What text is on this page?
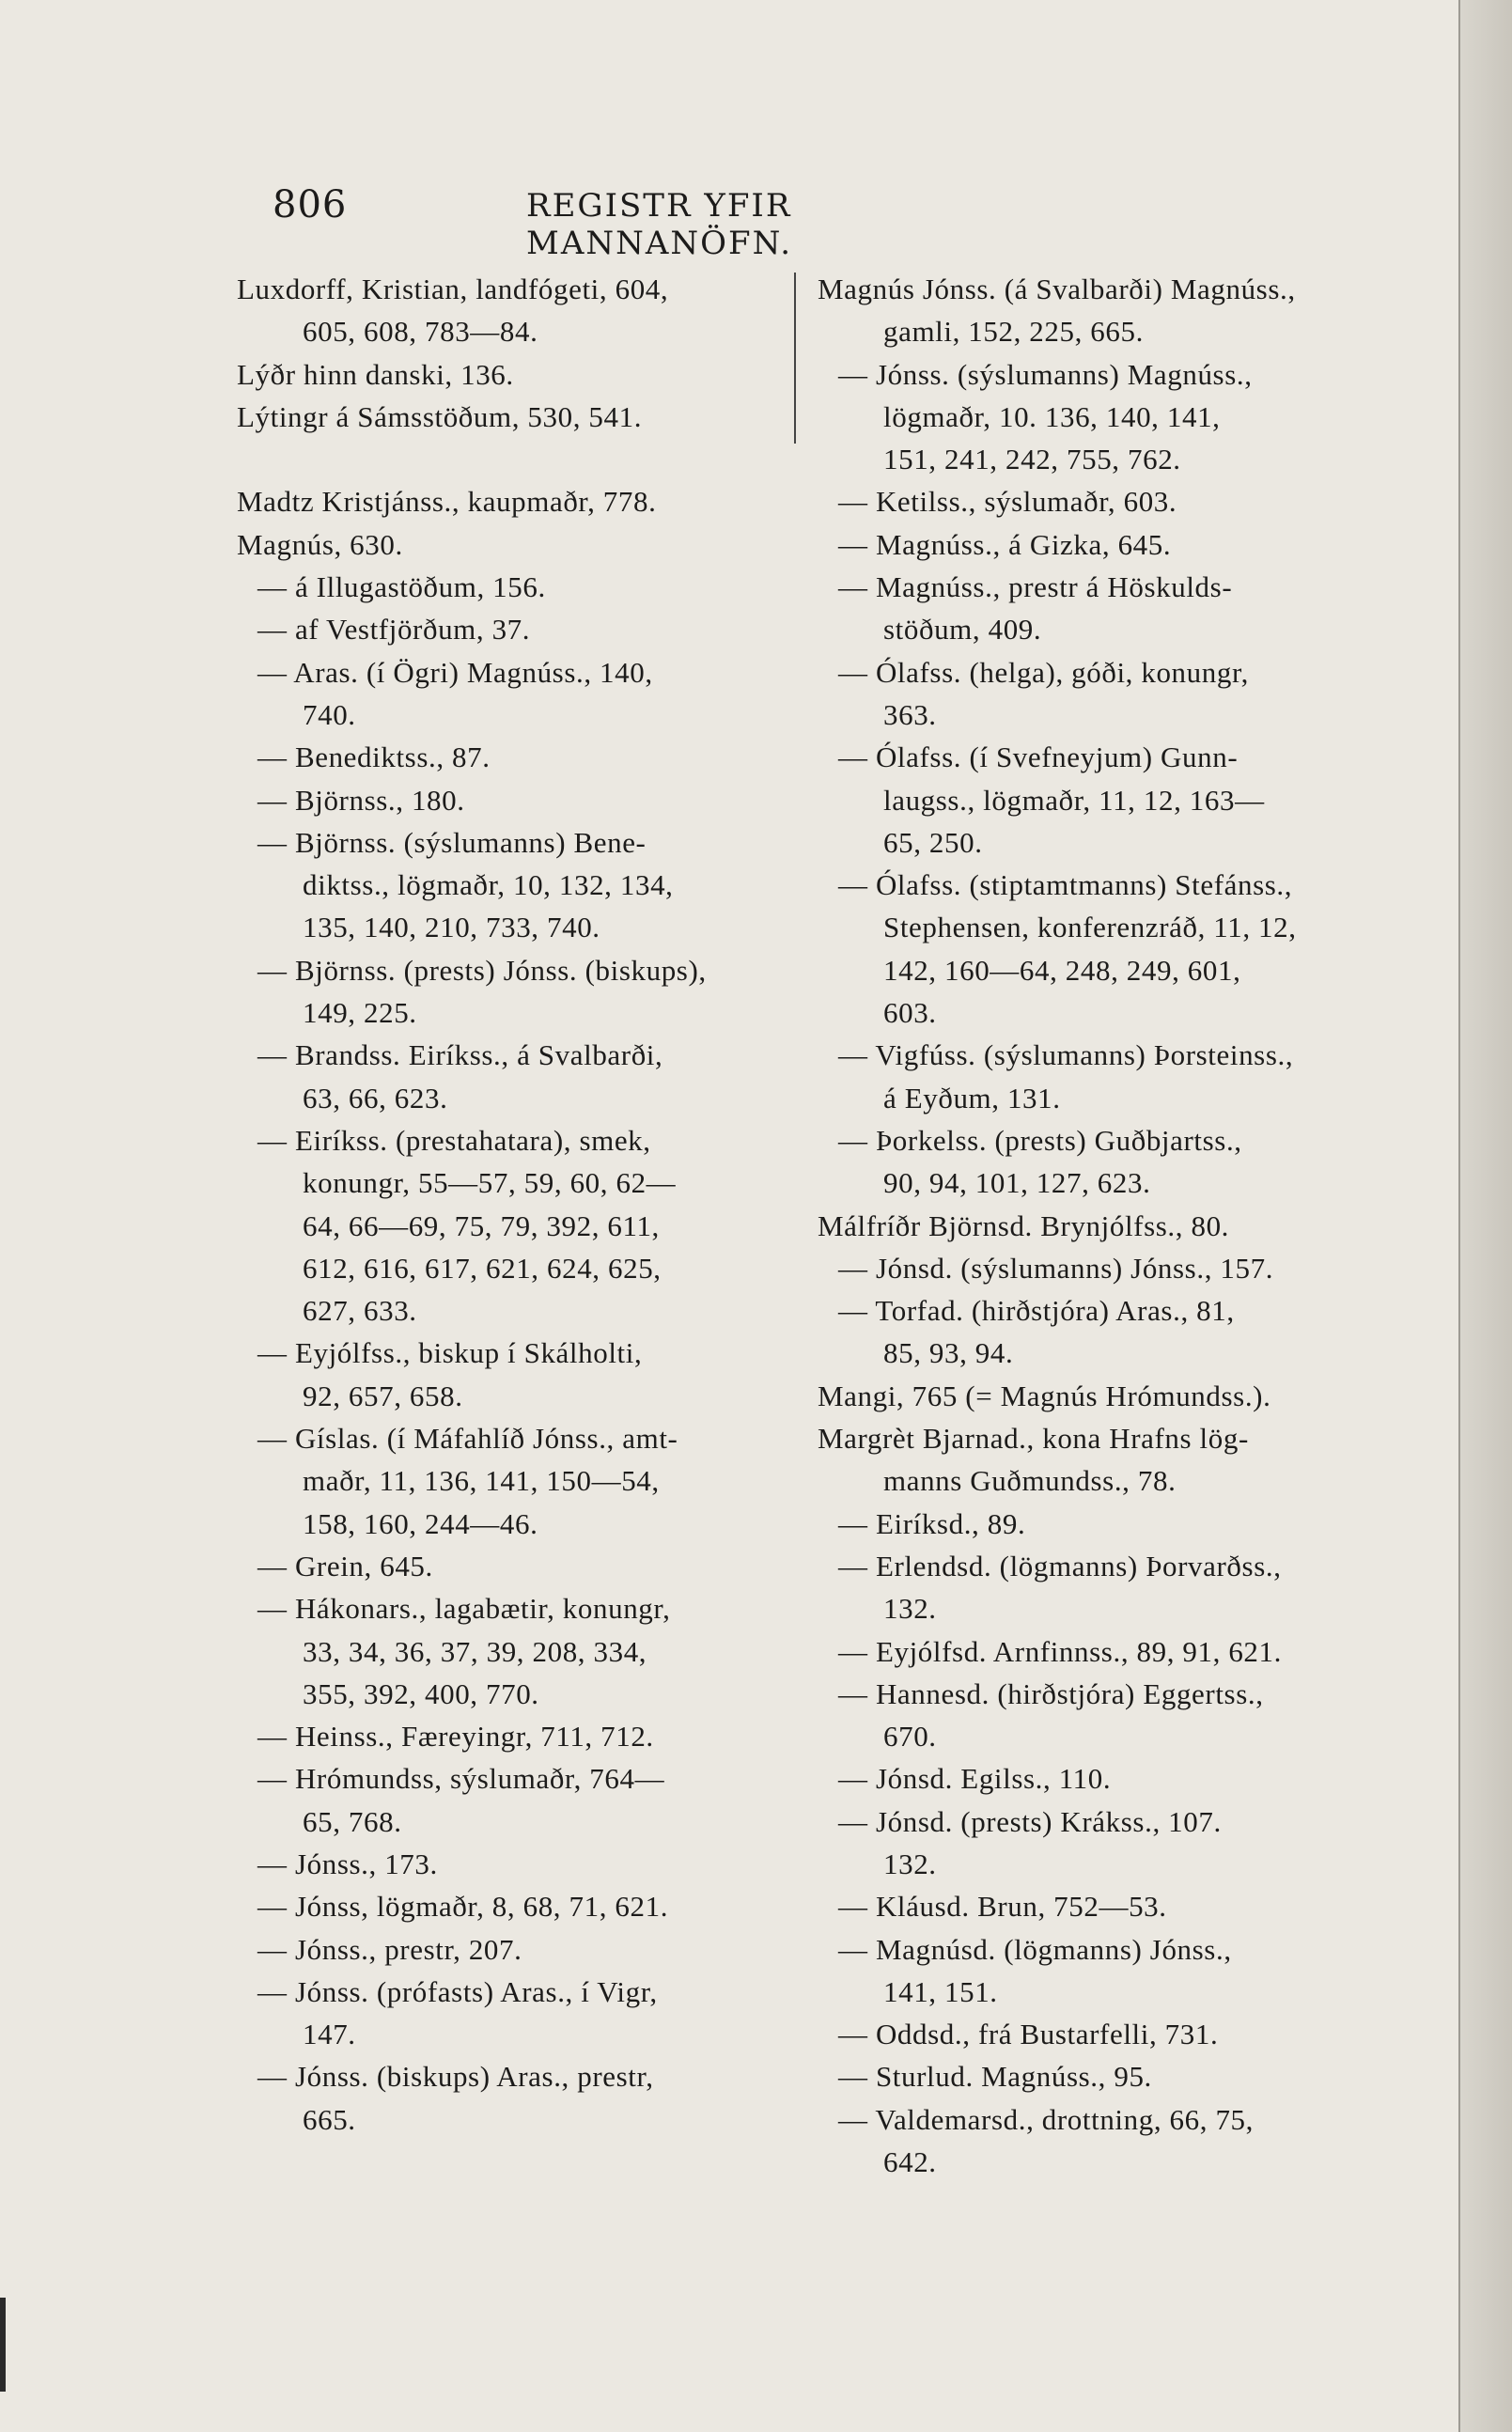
806	REGISTR YFIR MANNANÖFN.
Luxdorff, Kristian, landfógeti, 604,
605, 608, 783—84.
Lýðr hinn danski, 136.
Lýtingr á Sámsstöðum, 530, 541.

Madtz Kristjánss., kaupmaðr, 778.
Magnús, 630.
— á Illugastöðum, 156.
— af Vestfjörðum, 37.
— Aras. (í Ögri) Magnúss., 140,
740.
— Benediktss., 87.
— Björnss., 180.
— Björnss. (sýslumanns) Bene-
diktss., lögmaðr, 10, 132, 134,
135, 140, 210, 733, 740.
— Björnss. (prests) Jónss. (biskups),
149, 225.
— Brandss. Eiríkss., á Svalbarði,
63, 66, 623.
— Eiríkss. (prestahatara), smek,
konungr, 55—57, 59, 60, 62—
64, 66—69, 75, 79, 392, 611,
612, 616, 617, 621, 624, 625,
627, 633.
— Eyjólfss., biskup í Skálholti,
92, 657, 658.
— Gíslas. (í Máfahlíð Jónss., amt-
maðr, 11, 136, 141, 150—54,
158, 160, 244—46.
— Grein, 645.
— Hákonars., lagabætir, konungr,
33, 34, 36, 37, 39, 208, 334,
355, 392, 400, 770.
— Heinss., Færeyingr, 711, 712.
— Hrómundss, sýslumaðr, 764—
65, 768.
— Jónss., 173.
— Jónss, lögmaðr, 8, 68, 71, 621.
— Jónss., prestr, 207.
— Jónss. (prófasts) Aras., í Vigr,
147.
— Jónss. (biskups) Aras., prestr,
665.
Magnús Jónss. (á Svalbarði) Magnúss.,
gamli, 152, 225, 665.
— Jónss. (sýslumanns) Magnúss.,
lögmaðr, 10. 136, 140, 141,
151, 241, 242, 755, 762.
— Ketilss., sýslumaðr, 603.
— Magnúss., á Gizka, 645.
— Magnúss., prestr á Höskulds-
stöðum, 409.
— Ólafss. (helga), góði, konungr,
363.
— Ólafss. (í Svefneyjum) Gunn-
laugss., lögmaðr, 11, 12, 163—
65, 250.
— Ólafss. (stiptamtmanns) Stefánss.,
Stephensen, konferenzráð, 11, 12,
142, 160—64, 248, 249, 601,
603.
— Vigfúss. (sýslumanns) Þorsteinss.,
á Eyðum, 131.
— Þorkelss. (prests) Guðbjartss.,
90, 94, 101, 127, 623.
Málfríðr Björnsd. Brynjólfss., 80.
— Jónsd. (sýslumanns) Jónss., 157.
— Torfad. (hirðstjóra) Aras., 81,
85, 93, 94.
Mangi, 765 (= Magnús Hrómundss.).
Margrèt Bjarnad., kona Hrafns lög-
manns Guðmundss., 78.
— Eiríksd., 89.
— Erlendsd. (lögmanns) Þorvarðss.,
132.
— Eyjólfsd. Arnfinnss., 89, 91, 621.
— Hannesd. (hirðstjóra) Eggertss.,
670.
— Jónsd. Egilss., 110.
— Jónsd. (prests) Krákss., 107.
132.
— Kláusd. Brun, 752—53.
— Magnúsd. (lögmanns) Jónss.,
141, 151.
— Oddsd., frá Bustarfelli, 731.
— Sturlud. Magnúss., 95.
— Valdemarsd., drottning, 66, 75,
642.
